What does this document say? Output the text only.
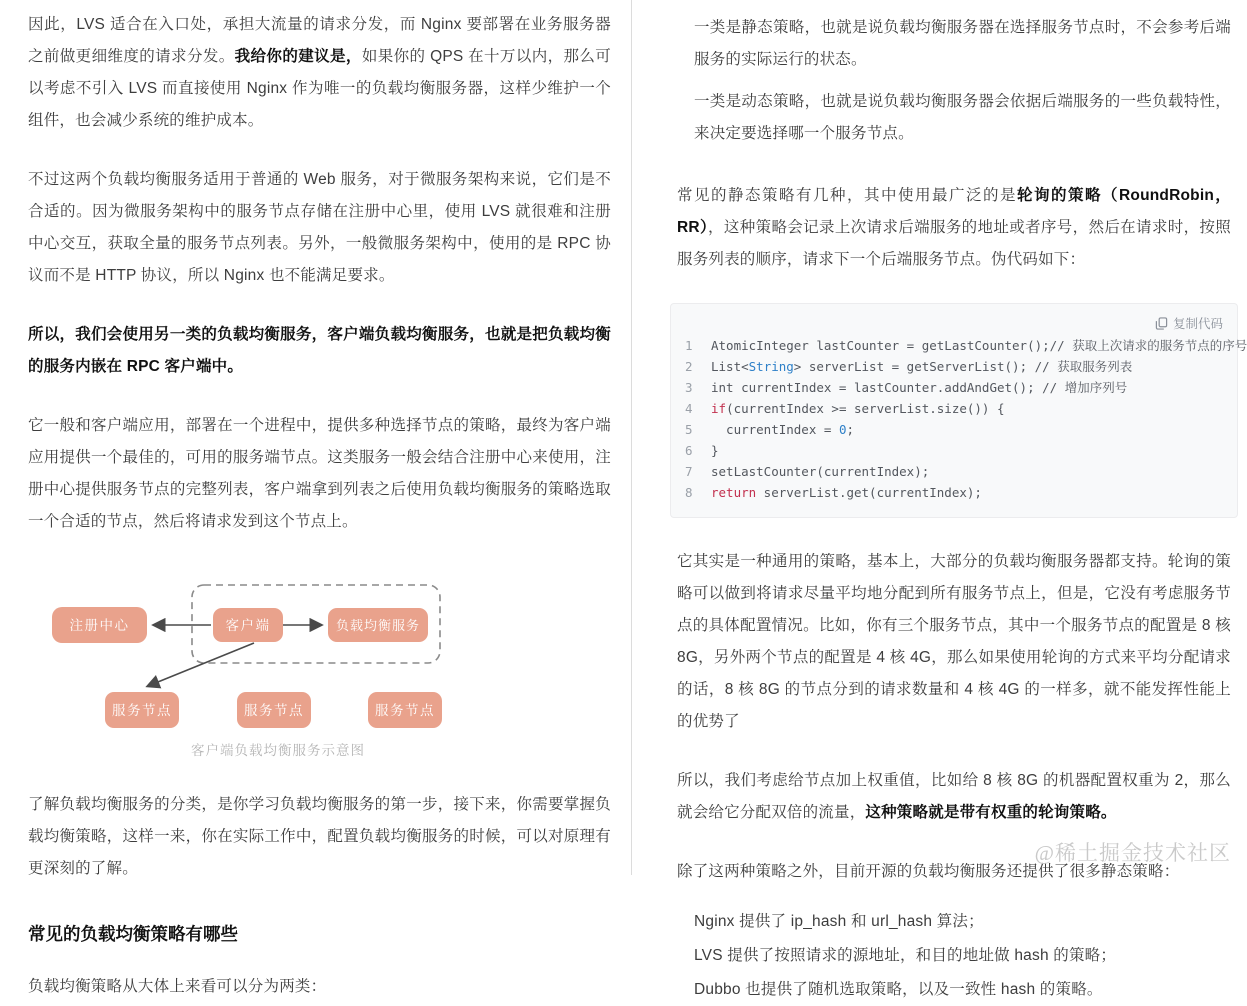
因此，LVS 适合在入口处，承担大流量的请求分发，而 Nginx 要部署在业务服务器之前做更细维度的请求分发。我给你的建议是，如果你的 QPS 在十万以内，那么可以考虑不引入 LVS 而直接使用 Nginx 作为唯一的负载均衡服务器，这样少维护一个组件，也会减少系统的维护成本。

不过这两个负载均衡服务适用于普通的 Web 服务，对于微服务架构来说，它们是不合适的。因为微服务架构中的服务节点存储在注册中心里，使用 LVS 就很难和注册中心交互，获取全量的服务节点列表。另外，一般微服务架构中，使用的是 RPC 协议而不是 HTTP 协议，所以 Nginx 也不能满足要求。

所以，我们会使用另一类的负载均衡服务，客户端负载均衡服务，也就是把负载均衡的服务内嵌在 RPC 客户端中。

它一般和客户端应用，部署在一个进程中，提供多种选择节点的策略，最终为客户端应用提供一个最佳的，可用的服务端节点。这类服务一般会结合注册中心来使用，注册中心提供服务节点的完整列表，客户端拿到列表之后使用负载均衡服务的策略选取一个合适的节点，然后将请求发到这个节点上。

注册中心	客户端	负载均衡服务
服务节点	服务节点	服务节点
客户端负载均衡服务示意图

了解负载均衡服务的分类，是你学习负载均衡服务的第一步，接下来，你需要掌握负载均衡策略，这样一来，你在实际工作中，配置负载均衡服务的时候，可以对原理有更深刻的了解。

常见的负载均衡策略有哪些

负载均衡策略从大体上来看可以分为两类：

一类是静态策略，也就是说负载均衡服务器在选择服务节点时，不会参考后端服务的实际运行的状态。

一类是动态策略，也就是说负载均衡服务器会依据后端服务的一些负载特性，来决定要选择哪一个服务节点。

常见的静态策略有几种，其中使用最广泛的是轮询的策略（RoundRobin，RR），这种策略会记录上次请求后端服务的地址或者序号，然后在请求时，按照服务列表的顺序，请求下一个后端服务节点。伪代码如下：

复制代码
1 AtomicInteger lastCounter = getLastCounter();// 获取上次请求的服务节点的序号
2 List<String> serverList = getServerList(); // 获取服务列表
3 int currentIndex = lastCounter.addAndGet(); // 增加序列号
4 if(currentIndex >= serverList.size()) {
5  currentIndex = 0;
6 }
7 setLastCounter(currentIndex);
8 return serverList.get(currentIndex);

它其实是一种通用的策略，基本上，大部分的负载均衡服务器都支持。轮询的策略可以做到将请求尽量平均地分配到所有服务节点上，但是，它没有考虑服务节点的具体配置情况。比如，你有三个服务节点，其中一个服务节点的配置是 8 核 8G，另外两个节点的配置是 4 核 4G，那么如果使用轮询的方式来平均分配请求的话，8 核 8G 的节点分到的请求数量和 4 核 4G 的一样多，就不能发挥性能上的优势了

所以，我们考虑给节点加上权重值，比如给 8 核 8G 的机器配置权重为 2，那么就会给它分配双倍的流量，这种策略就是带有权重的轮询策略。

除了这两种策略之外，目前开源的负载均衡服务还提供了很多静态策略：

Nginx 提供了 ip_hash 和 url_hash 算法；

LVS 提供了按照请求的源地址，和目的地址做 hash 的策略；

Dubbo 也提供了随机选取策略，以及一致性 hash 的策略。

@稀土掘金技术社区
